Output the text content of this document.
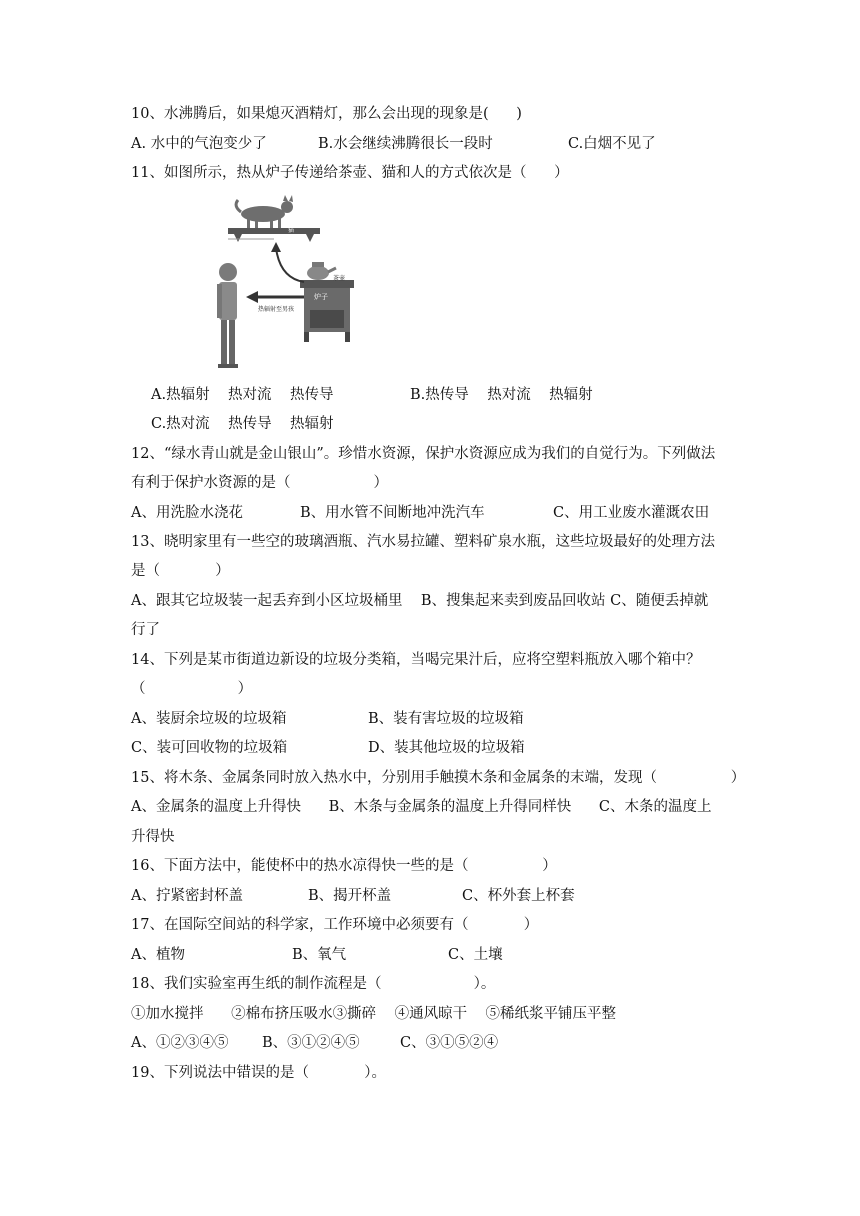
10、水沸腾后，如果熄灭酒精灯，那么会出现的现象是(      )
A. 水中的气泡变少了	B.水会继续沸腾很长一段时	C.白烟不见了
11、如图所示，热从炉子传递给茶壶、猫和人的方式依次是（      ）
猫
茶壶
炉子
热辐射至男孩
A.热辐射    热对流    热传导	B.热传导    热对流    热辐射
C.热对流    热传导    热辐射
12、“绿水青山就是金山银山”。珍惜水资源，保护水资源应成为我们的自觉行为。下列做法
有利于保护水资源的是（                  ）
A、用洗脸水浇花	B、用水管不间断地冲洗汽车	C、用工业废水灌溉农田
13、晓明家里有一些空的玻璃酒瓶、汽水易拉罐、塑料矿泉水瓶，这些垃圾最好的处理方法
是（            ）
A、跟其它垃圾装一起丢弃到小区垃圾桶里    B、搜集起来卖到废品回收站 C、随便丢掉就
行了
14、下列是某市街道边新设的垃圾分类箱，当喝完果汁后，应将空塑料瓶放入哪个箱中？
（                    ）
A、装厨余垃圾的垃圾箱	B、装有害垃圾的垃圾箱
C、装可回收物的垃圾箱	D、装其他垃圾的垃圾箱
15、将木条、金属条同时放入热水中，分别用手触摸木条和金属条的末端，发现（                ）
A、金属条的温度上升得快      B、木条与金属条的温度上升得同样快      C、木条的温度上
升得快
16、下面方法中，能使杯中的热水凉得快一些的是（                ）
A、拧紧密封杯盖	B、揭开杯盖	C、杯外套上杯套
17、在国际空间站的科学家，工作环境中必须要有（            ）
A、植物	B、氧气	C、土壤
18、我们实验室再生纸的制作流程是（                    ）。
①加水搅拌      ②棉布挤压吸水③撕碎    ④通风晾干    ⑤稀纸浆平铺压平整
A、①②③④⑤ B、③①②④⑤	C、③①⑤②④
19、下列说法中错误的是（            ）。
